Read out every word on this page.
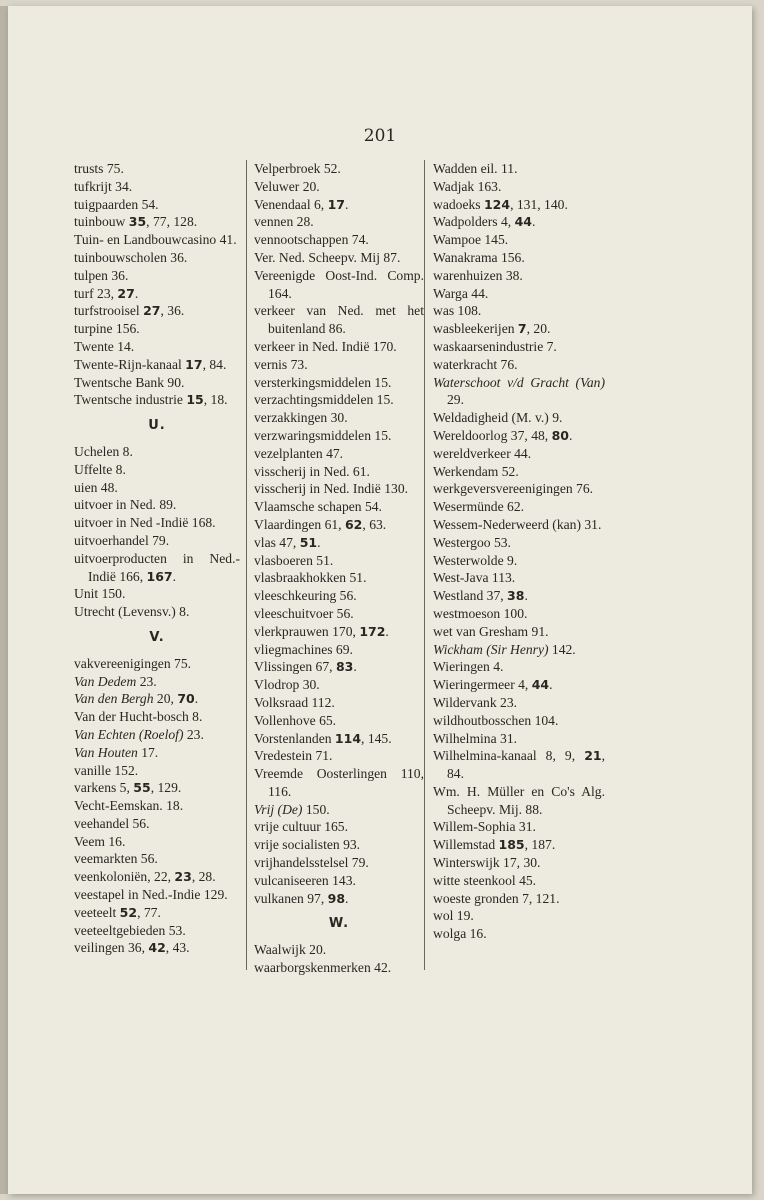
201
trusts 75.
tufkrijt 34.
tuigpaarden 54.
tuinbouw 35, 77, 128.
Tuin- en Landbouwcasino 41.
tuinbouwscholen 36.
tulpen 36.
turf 23, 27.
turfstrooisel 27, 36.
turpine 156.
Twente 14.
Twente-Rijn-kanaal 17, 84.
Twentsche Bank 90.
Twentsche industrie 15, 18.
U.
Uchelen 8.
Uffelte 8.
uien 48.
uitvoer in Ned. 89.
uitvoer in Ned -Indië 168.
uitvoerhandel 79.
uitvoerproducten in Ned.-Indië 166, 167.
Unit 150.
Utrecht (Levensv.) 8.
V.
vakvereenigingen 75.
Van Dedem 23.
Van den Bergh 20, 70.
Van der Hucht-bosch 8.
Van Echten (Roelof) 23.
Van Houten 17.
vanille 152.
varkens 5, 55, 129.
Vecht-Eemskan. 18.
veehandel 56.
Veem 16.
veemarkten 56.
veenkoloniën, 22, 23, 28.
veestapel in Ned.-Indie 129.
veeteelt 52, 77.
veeteeltgebieden 53.
veilingen 36, 42, 43.
Velperbroek 52.
Veluwer 20.
Venendaal 6, 17.
vennen 28.
vennootschappen 74.
Ver. Ned. Scheepv. Mij 87.
Vereenigde Oost-Ind. Comp. 164.
verkeer van Ned. met het buitenland 86.
verkeer in Ned. Indië 170.
vernis 73.
versterkingsmiddelen 15.
verzachtingsmiddelen 15.
verzakkingen 30.
verzwaringsmiddelen 15.
vezelplanten 47.
visscherij in Ned. 61.
visscherij in Ned. Indië 130.
Vlaamsche schapen 54.
Vlaardingen 61, 62, 63.
vlas 47, 51.
vlasboeren 51.
vlasbraakhokken 51.
vleeschkeuring 56.
vleeschuitvoer 56.
vlerkprauwen 170, 172.
vliegmachines 69.
Vlissingen 67, 83.
Vlodrop 30.
Volksraad 112.
Vollenhove 65.
Vorstenlanden 114, 145.
Vredestein 71.
Vreemde Oosterlingen 110, 116.
Vrij (De) 150.
vrije cultuur 165.
vrije socialisten 93.
vrijhandelsstelsel 79.
vulcaniseeren 143.
vulkanen 97, 98.
W.
Waalwijk 20.
waarborgskenmerken 42.
Wadden eil. 11.
Wadjak 163.
wadoeks 124, 131, 140.
Wadpolders 4, 44.
Wampoe 145.
Wanakrama 156.
warenhuizen 38.
Warga 44.
was 108.
wasbleekerijen 7, 20.
waskaarsenindustrie 7.
waterkracht 76.
Waterschoot v/d Gracht (Van) 29.
Weldadigheid (M. v.) 9.
Wereldoorlog 37, 48, 80.
wereldverkeer 44.
Werkendam 52.
werkgeversvereenigingen 76.
Wesermünde 62.
Wessem-Nederweerd (kan) 31.
Westergoo 53.
Westerwolde 9.
West-Java 113.
Westland 37, 38.
westmoeson 100.
wet van Gresham 91.
Wickham (Sir Henry) 142.
Wieringen 4.
Wieringermeer 4, 44.
Wildervank 23.
wildhoutbosschen 104.
Wilhelmina 31.
Wilhelmina-kanaal 8, 9, 21, 84.
Wm. H. Müller en Co's Alg. Scheepv. Mij. 88.
Willem-Sophia 31.
Willemstad 185, 187.
Winterswijk 17, 30.
witte steenkool 45.
woeste gronden 7, 121.
wol 19.
wolga 16.
